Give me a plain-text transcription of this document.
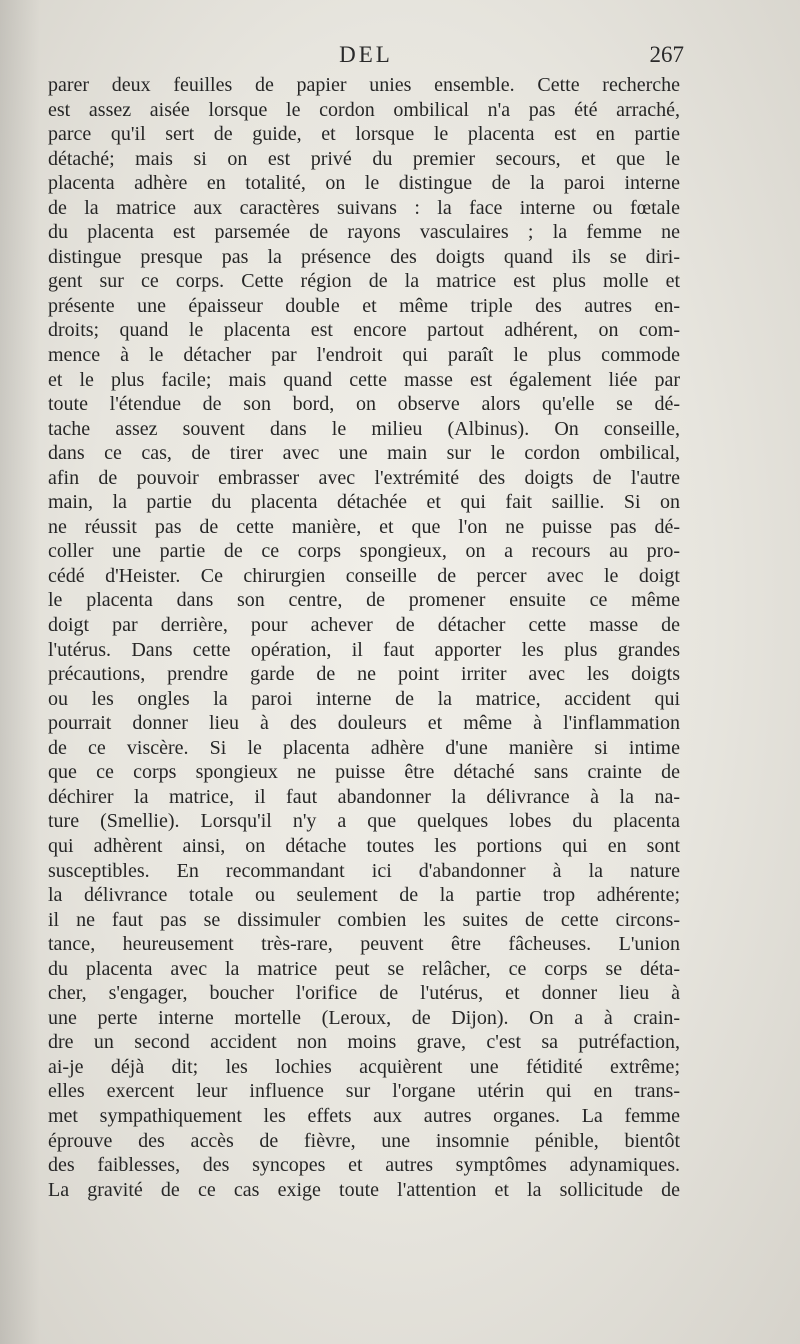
DEL	267
parer deux feuilles de papier unies ensemble. Cette recherche
est assez aisée lorsque le cordon ombilical n'a pas été arraché,
parce qu'il sert de guide, et lorsque le placenta est en partie
détaché; mais si on est privé du premier secours, et que le
placenta adhère en totalité, on le distingue de la paroi interne
de la matrice aux caractères suivans : la face interne ou fœtale
du placenta est parsemée de rayons vasculaires ; la femme ne
distingue presque pas la présence des doigts quand ils se diri-
gent sur ce corps. Cette région de la matrice est plus molle et
présente une épaisseur double et même triple des autres en-
droits; quand le placenta est encore partout adhérent, on com-
mence à le détacher par l'endroit qui paraît le plus commode
et le plus facile; mais quand cette masse est également liée par
toute l'étendue de son bord, on observe alors qu'elle se dé-
tache assez souvent dans le milieu (Albinus). On conseille,
dans ce cas, de tirer avec une main sur le cordon ombilical,
afin de pouvoir embrasser avec l'extrémité des doigts de l'autre
main, la partie du placenta détachée et qui fait saillie. Si on
ne réussit pas de cette manière, et que l'on ne puisse pas dé-
coller une partie de ce corps spongieux, on a recours au pro-
cédé d'Heister. Ce chirurgien conseille de percer avec le doigt
le placenta dans son centre, de promener ensuite ce même
doigt par derrière, pour achever de détacher cette masse de
l'utérus. Dans cette opération, il faut apporter les plus grandes
précautions, prendre garde de ne point irriter avec les doigts
ou les ongles la paroi interne de la matrice, accident qui
pourrait donner lieu à des douleurs et même à l'inflammation
de ce viscère. Si le placenta adhère d'une manière si intime
que ce corps spongieux ne puisse être détaché sans crainte de
déchirer la matrice, il faut abandonner la délivrance à la na-
ture (Smellie). Lorsqu'il n'y a que quelques lobes du placenta
qui adhèrent ainsi, on détache toutes les portions qui en sont
susceptibles. En recommandant ici d'abandonner à la nature
la délivrance totale ou seulement de la partie trop adhérente;
il ne faut pas se dissimuler combien les suites de cette circons-
tance, heureusement très-rare, peuvent être fâcheuses. L'union
du placenta avec la matrice peut se relâcher, ce corps se déta-
cher, s'engager, boucher l'orifice de l'utérus, et donner lieu à
une perte interne mortelle (Leroux, de Dijon). On a à crain-
dre un second accident non moins grave, c'est sa putréfaction,
ai-je déjà dit; les lochies acquièrent une fétidité extrême;
elles exercent leur influence sur l'organe utérin qui en trans-
met sympathiquement les effets aux autres organes. La femme
éprouve des accès de fièvre, une insomnie pénible, bientôt
des faiblesses, des syncopes et autres symptômes adynamiques.
La gravité de ce cas exige toute l'attention et la sollicitude de
